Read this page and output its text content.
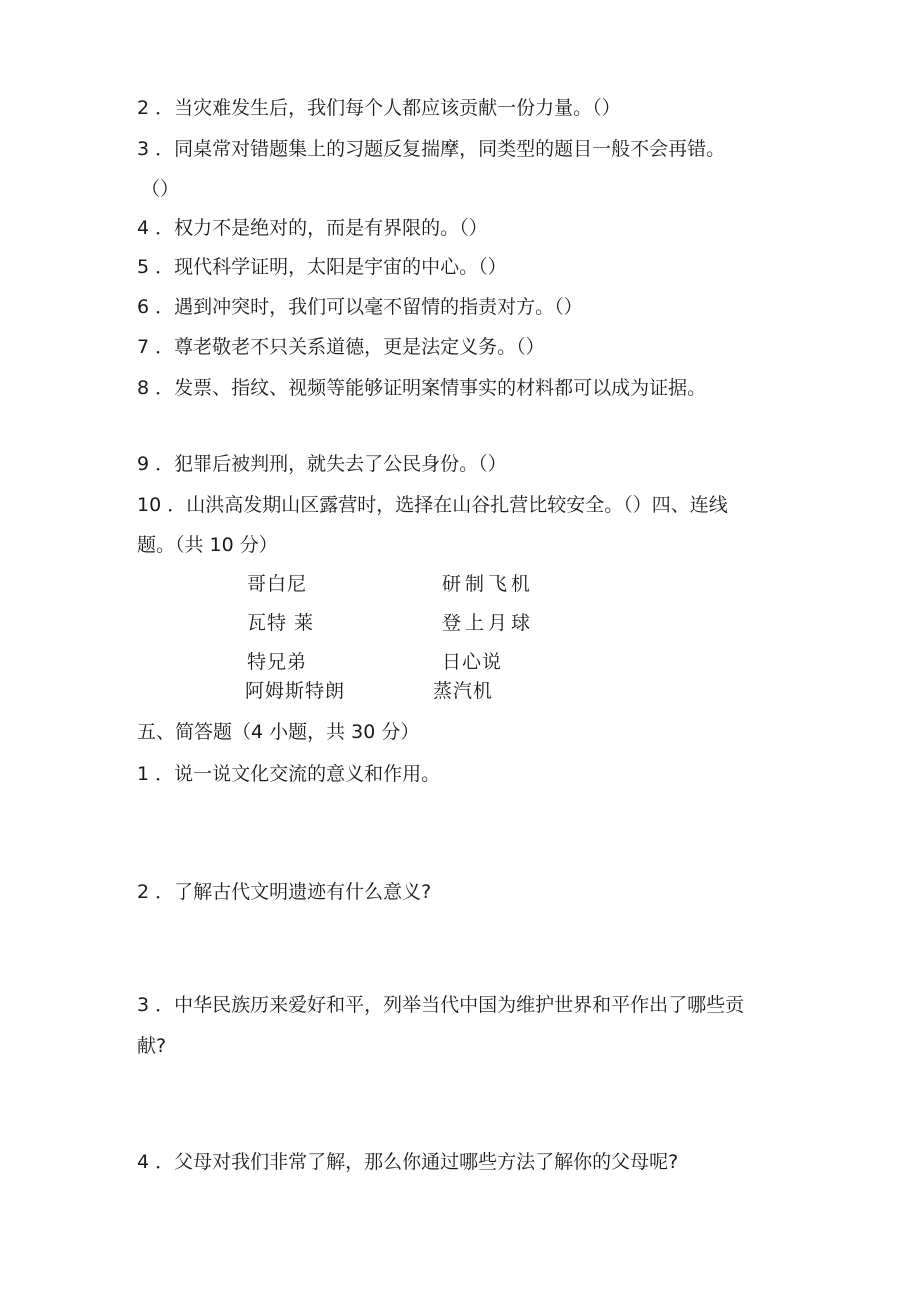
2 ．当灾难发生后，我们每个人都应该贡献一份力量。（）
3 ．同桌常对错题集上的习题反复揣摩，同类型的题目一般不会再错。
（）
4 ．权力不是绝对的，而是有界限的。（）
5 ．现代科学证明，太阳是宇宙的中心。（）
6 ．遇到冲突时，我们可以毫不留情的指责对方。（）
7 ．尊老敬老不只关系道德，更是法定义务。（）
8 ．发票、指纹、视频等能够证明案情事实的材料都可以成为证据。
9 ．犯罪后被判刑，就失去了公民身份。（）
10 ．山洪高发期山区露营时，选择在山谷扎营比较安全。（）四、连线
题。（共 10 分）
哥白尼
瓦特 莱
特兄弟
阿姆斯特朗
研制飞机
登上月球
日心说
蒸汽机
五、简答题（4 小题，共 30 分）
1 ．说一说文化交流的意义和作用。
2 ．了解古代文明遗迹有什么意义?
3 ．中华民族历来爱好和平，列举当代中国为维护世界和平作出了哪些贡
献?
4 ．父母对我们非常了解，那么你通过哪些方法了解你的父母呢?
